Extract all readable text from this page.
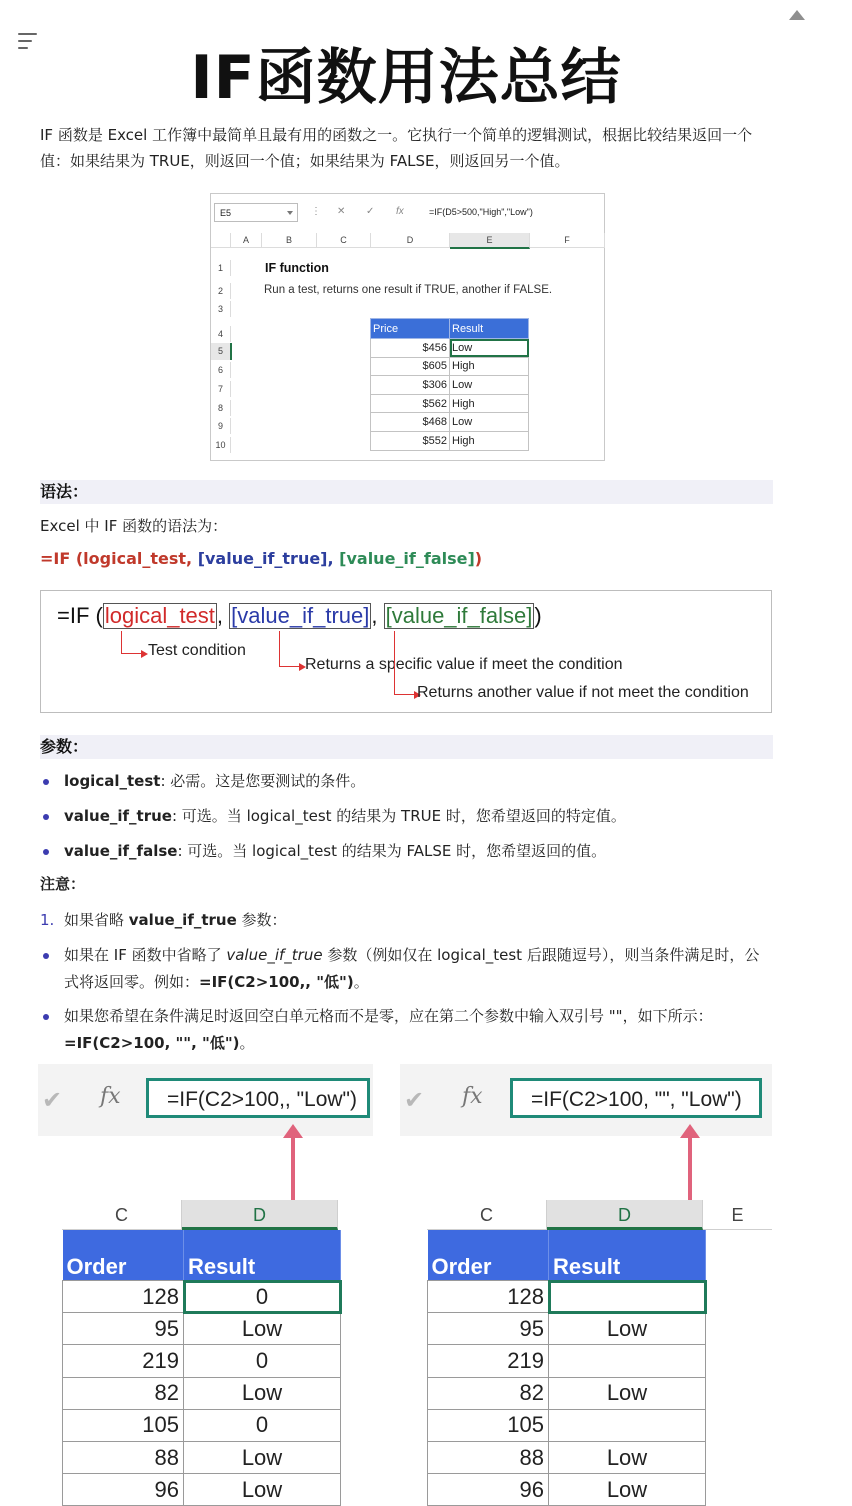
IF函数用法总结

IF 函数是 Excel 工作簿中最简单且最有用的函数之一。它执行一个简单的逻辑测试，根据比较结果返回一个值：如果结果为 TRUE，则返回一个值；如果结果为 FALSE，则返回另一个值。

E5	⋮ ✕ ✓ fx	=IF(D5>500,"High","Low")
A	B	C	D	E	F
1
2
3
4
5
6
7
8
9
10
IF function
Run a test, returns one result if TRUE, another if FALSE.
Price	Result
$456	Low
$605	High
$306	Low
$562	High
$468	Low
$552	High
语法：

Excel 中 IF 函数的语法为：

=IF (logical_test, [value_if_true], [value_if_false])

=IF (logical_test, [value_if_true], [value_if_false])
Test condition
Returns a specific value if meet the condition
Returns another value if not meet the condition
参数：
logical_test: 必需。这是您要测试的条件。
value_if_true: 可选。当 logical_test 的结果为 TRUE 时，您希望返回的特定值。
value_if_false: 可选。当 logical_test 的结果为 FALSE 时，您希望返回的值。

注意：

1. 如果省略 value_if_true 参数：

如果在 IF 函数中省略了 value_if_true 参数（例如仅在 logical_test 后跟随逗号），则当条件满足时，公式将返回零。例如：=IF(C2>100,, "低")。

如果您希望在条件满足时返回空白单元格而不是零，应在第二个参数中输入双引号 ""，如下所示：=IF(C2>100, "", "低")。

✔ fx	=IF(C2>100,, "Low")
C	D
Order	Result
128	0
95	Low
219	0
82	Low
105	0
88	Low
96	Low
✔ fx	=IF(C2>100, "", "Low")
C	D	E
Order	Result
128	
95	Low
219	
82	Low
105	
88	Low
96	Low
